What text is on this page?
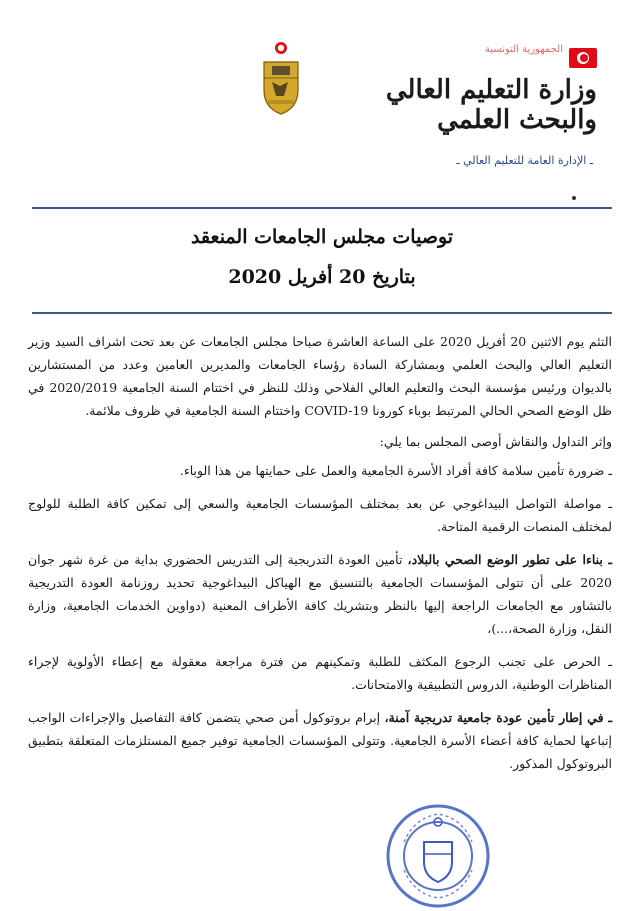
الجمهورية التونسية
وزارة التعليم العالي
والبحث العلمي
ـ الإدارة العامة للتعليم العالي ـ
توصيات مجلس الجامعات المنعقد
بتاريخ 20 أفريل 2020

التئم يوم الاثنين 20 أفريل 2020 على الساعة العاشرة صباحا مجلس الجامعات عن بعد تحت اشراف السيد وزير التعليم العالي والبحث العلمي وبمشاركة السادة رؤساء الجامعات والمديرين العامين وعدد من المستشارين بالديوان ورئيس مؤسسة البحث والتعليم العالي الفلاحي وذلك للنظر في اختتام السنة الجامعية 2020/2019 في ظل الوضع الصحي الحالي المرتبط بوباء كورونا COVID-19 واختتام السنة الجامعية في ظروف ملائمة.

وإثر التداول والنقاش أوصى المجلس بما يلي:

ـ ضرورة تأمين سلامة كافة أفراد الأسرة الجامعية والعمل على حمايتها من هذا الوباء.

ـ مواصلة التواصل البيداغوجي عن بعد بمختلف المؤسسات الجامعية والسعي إلى تمكين كافة الطلبة للولوج لمختلف المنصات الرقمية المتاحة.

ـ بناءا على تطور الوضع الصحي بالبلاد، تأمين العودة التدريجية إلى التدريس الحضوري بداية من غرة شهر جوان 2020 على أن تتولى المؤسسات الجامعية بالتنسيق مع الهياكل البيداغوجية تحديد روزنامة العودة التدريجية بالتشاور مع الجامعات الراجعة إليها بالنظر وبتشريك كافة الأطراف المعنية (دواوين الخدمات الجامعية، وزارة النقل، وزارة الصحة،...)،

ـ الحرص على تجنب الرجوع المكثف للطلبة وتمكينهم من فترة مراجعة معقولة مع إعطاء الأولوية لإجراء المناظرات الوطنية، الدروس التطبيقية والامتحانات.

ـ في إطار تأمين عودة جامعية تدريجية آمنة، إبرام بروتوكول أمن صحي يتضمن كافة التفاصيل والإجراءات الواجب إتباعها لحماية كافة أعضاء الأسرة الجامعية. وتتولى المؤسسات الجامعية توفير جميع المستلزمات المتعلقة بتطبيق البروتوكول المذكور.
